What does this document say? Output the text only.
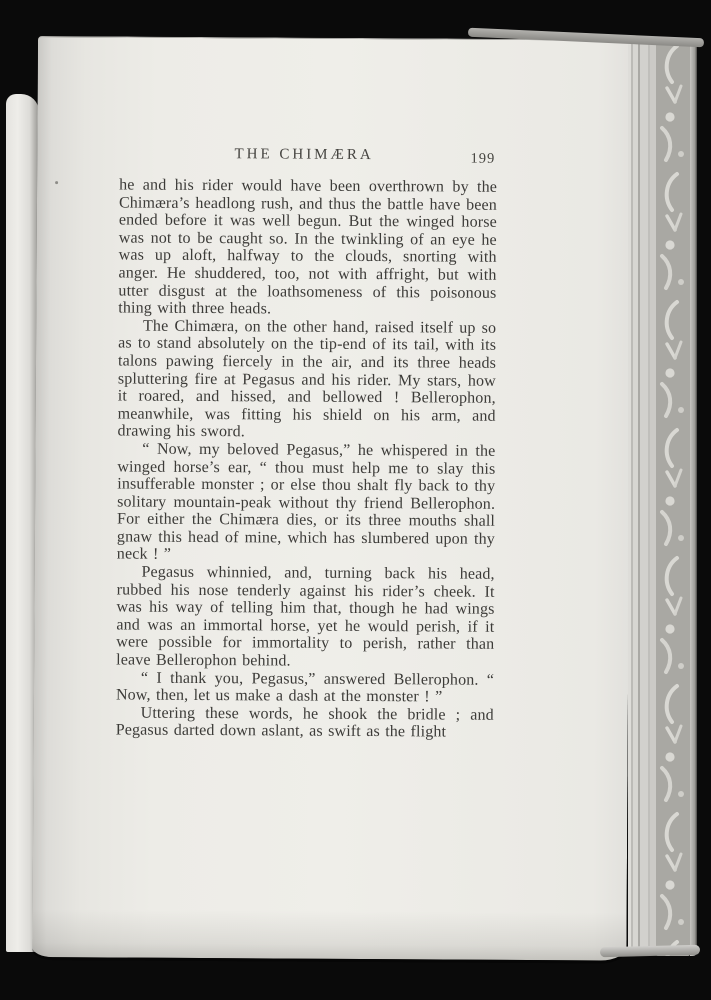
THE CHIMÆRA	199

he and his rider would have been overthrown by the Chimæra’s headlong rush, and thus the battle have been ended before it was well begun. But the winged horse was not to be caught so. In the twinkling of an eye he was up aloft, halfway to the clouds, snorting with anger. He shuddered, too, not with affright, but with utter disgust at the loathsomeness of this poisonous thing with three heads.

The Chimæra, on the other hand, raised itself up so as to stand absolutely on the tip-end of its tail, with its talons pawing fiercely in the air, and its three heads spluttering fire at Pegasus and his rider. My stars, how it roared, and hissed, and bellowed ! Bellerophon, meanwhile, was fitting his shield on his arm, and drawing his sword.

“ Now, my beloved Pegasus,” he whispered in the winged horse’s ear, “ thou must help me to slay this insufferable monster ; or else thou shalt fly back to thy solitary mountain-peak without thy friend Bellerophon. For either the Chimæra dies, or its three mouths shall gnaw this head of mine, which has slumbered upon thy neck ! ”

Pegasus whinnied, and, turning back his head, rubbed his nose tenderly against his rider’s cheek. It was his way of telling him that, though he had wings and was an immortal horse, yet he would perish, if it were possible for immortality to perish, rather than leave Bellerophon behind.

“ I thank you, Pegasus,” answered Bellerophon. “ Now, then, let us make a dash at the monster ! ”

Uttering these words, he shook the bridle ; and Pegasus darted down aslant, as swift as the flight
